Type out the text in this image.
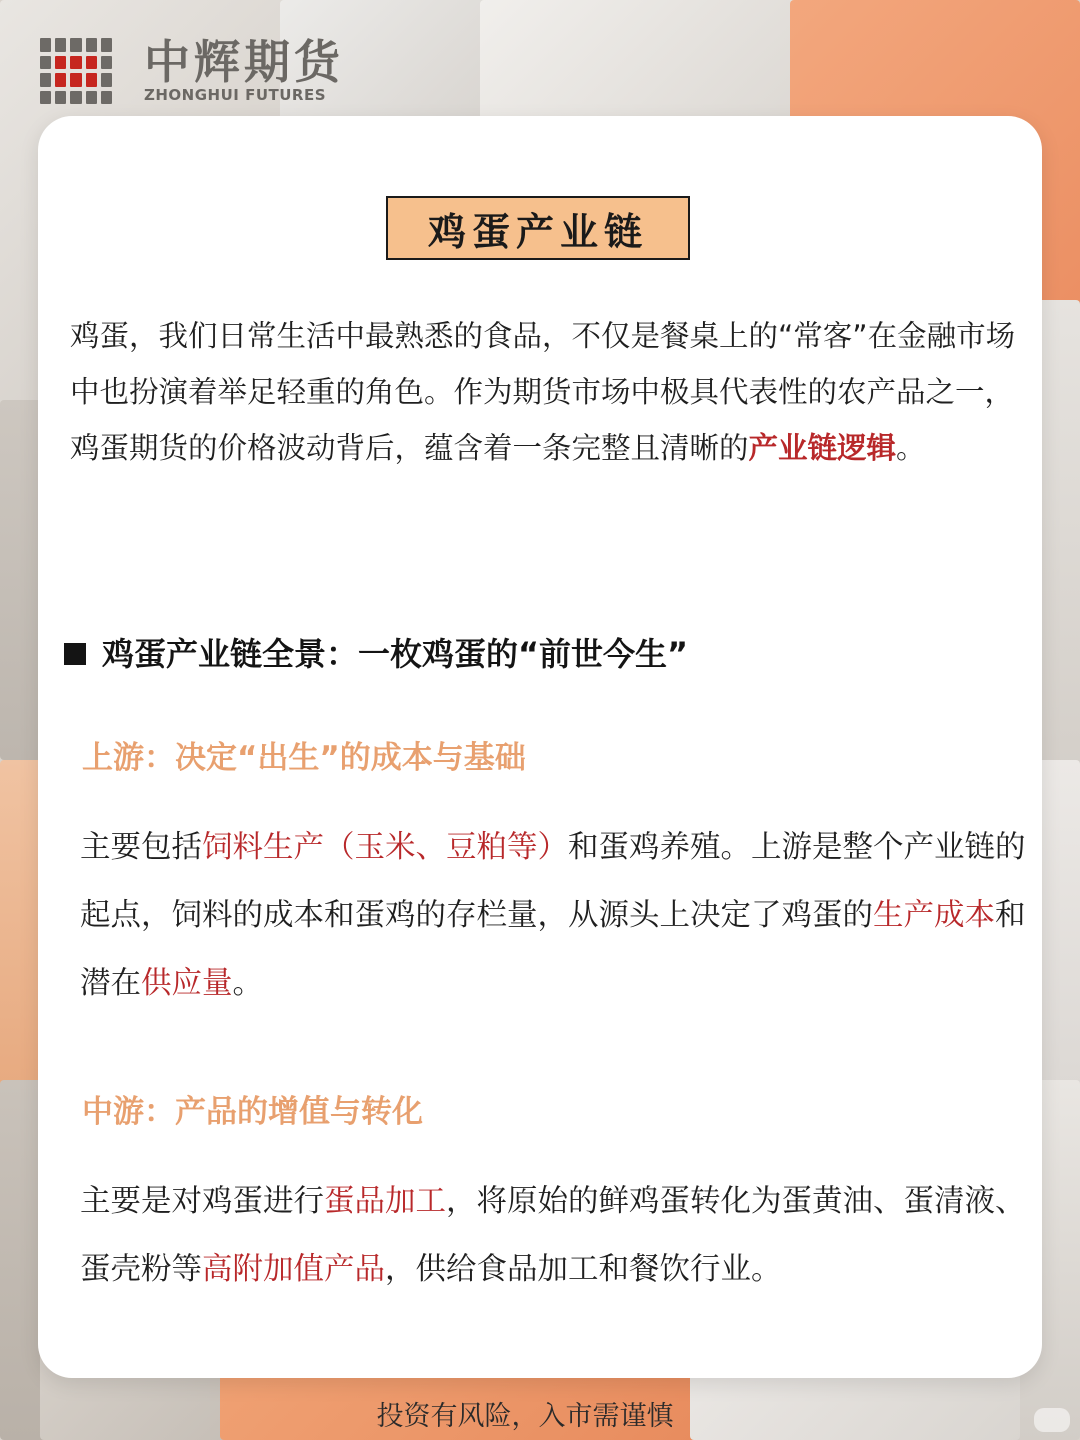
中辉期货
ZHONGHUI FUTURES
鸡蛋产业链

鸡蛋，我们日常生活中最熟悉的食品，不仅是餐桌上的“常客”在金融市场中也扮演着举足轻重的角色。作为期货市场中极具代表性的农产品之一，鸡蛋期货的价格波动背后，蕴含着一条完整且清晰的产业链逻辑。

鸡蛋产业链全景：一枚鸡蛋的“前世今生”
上游：决定“出生”的成本与基础

主要包括饲料生产（玉米、豆粕等）和蛋鸡养殖。上游是整个产业链的起点，饲料的成本和蛋鸡的存栏量，从源头上决定了鸡蛋的生产成本和潜在供应量。

中游：产品的增值与转化

主要是对鸡蛋进行蛋品加工，将原始的鲜鸡蛋转化为蛋黄油、蛋清液、蛋壳粉等高附加值产品，供给食品加工和餐饮行业。

投资有风险，入市需谨慎
